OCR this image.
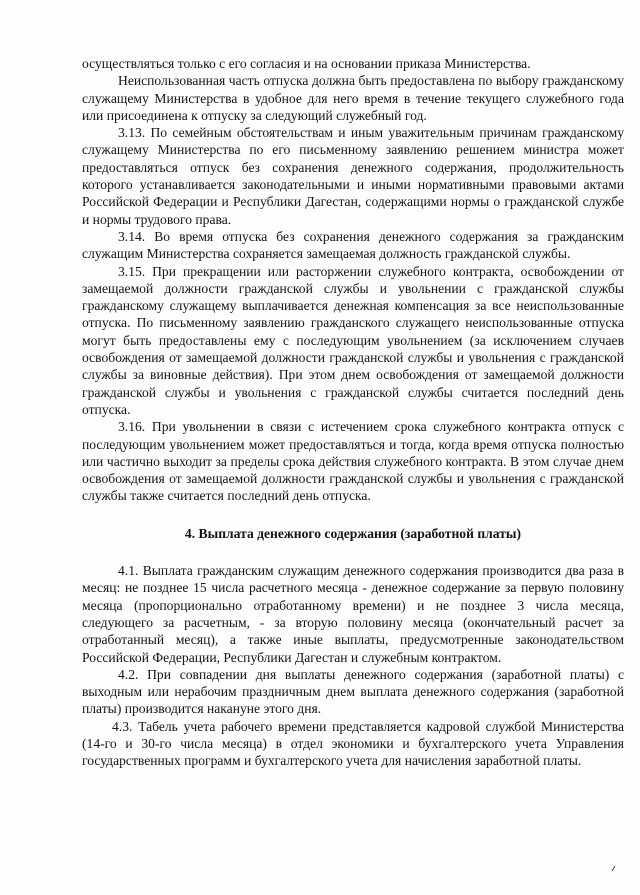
осуществляться только с его согласия и на основании приказа Министерства.

Неиспользованная часть отпуска должна быть предоставлена по выбору гражданскому служащему Министерства в удобное для него время в течение текущего служебного года или присоединена к отпуску за следующий служебный год.

3.13. По семейным обстоятельствам и иным уважительным причинам гражданскому служащему Министерства по его письменному заявлению решением министра может предоставляться отпуск без сохранения денежного содержания, продолжительность которого устанавливается законодательными и иными нормативными правовыми актами Российской Федерации и Республики Дагестан, содержащими нормы о гражданской службе и нормы трудового права.

3.14. Во время отпуска без сохранения денежного содержания за гражданским служащим Министерства сохраняется замещаемая должность гражданской службы.

3.15. При прекращении или расторжении служебного контракта, освобождении от замещаемой должности гражданской службы и увольнении с гражданской службы гражданскому служащему выплачивается денежная компенсация за все неиспользованные отпуска. По письменному заявлению гражданского служащего неиспользованные отпуска могут быть предоставлены ему с последующим увольнением (за исключением случаев освобождения от замещаемой должности гражданской службы и увольнения с гражданской службы за виновные действия). При этом днем освобождения от замещаемой должности гражданской службы и увольнения с гражданской службы считается последний день отпуска.

3.16. При увольнении в связи с истечением срока служебного контракта отпуск с последующим увольнением может предоставляться и тогда, когда время отпуска полностью или частично выходит за пределы срока действия служебного контракта. В этом случае днем освобождения от замещаемой должности гражданской службы и увольнения с гражданской службы также считается последний день отпуска.

4. Выплата денежного содержания (заработной платы)

4.1. Выплата гражданским служащим денежного содержания производится два раза в месяц: не позднее 15 числа расчетного месяца - денежное содержание за первую половину месяца (пропорционально отработанному времени) и не позднее 3 числа месяца, следующего за расчетным, - за вторую половину месяца (окончательный расчет за отработанный месяц), а также иные выплаты, предусмотренные законодательством Российской Федерации, Республики Дагестан и служебным контрактом.

4.2. При совпадении дня выплаты денежного содержания (заработной платы) с выходным или нерабочим праздничным днем выплата денежного содержания (заработной платы) производится накануне этого дня.

4.3. Табель учета рабочего времени представляется кадровой службой Министерства (14-го и 30-го числа месяца) в отдел экономики и бухгалтерского учета Управления государственных программ и бухгалтерского учета для начисления заработной платы.
